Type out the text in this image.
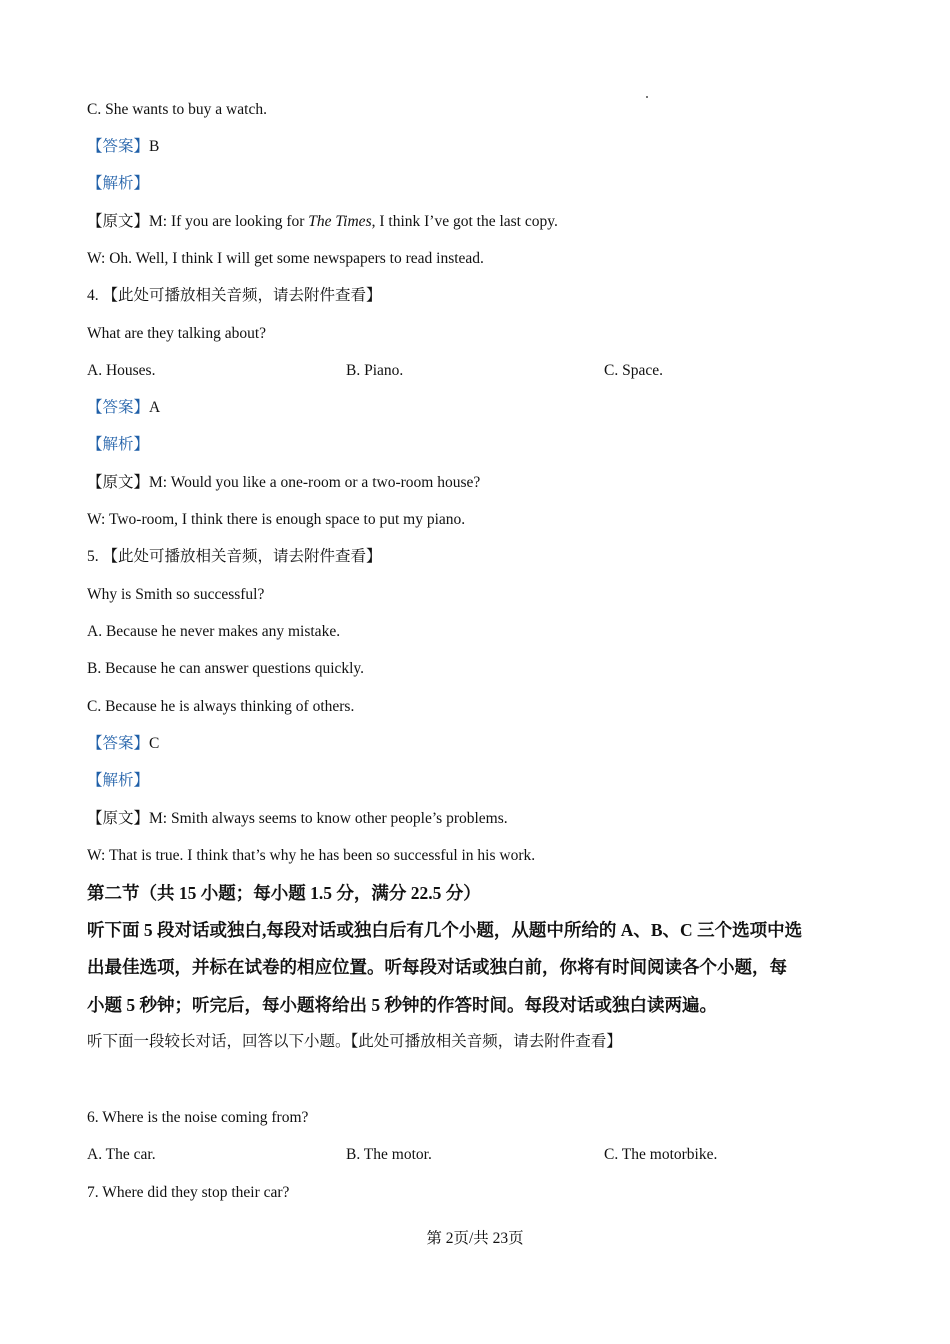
C. She wants to buy a watch.
【答案】B
【解析】
【原文】M: If you are looking for The Times, I think I’ve got the last copy.
W: Oh. Well, I think I will get some newspapers to read instead.
4. 【此处可播放相关音频，请去附件查看】
What are they talking about?
A. Houses.	B. Piano.	C. Space.
【答案】A
【解析】
【原文】M: Would you like a one-room or a two-room house?
W: Two-room, I think there is enough space to put my piano.
5. 【此处可播放相关音频，请去附件查看】
Why is Smith so successful?
A. Because he never makes any mistake.
B. Because he can answer questions quickly.
C. Because he is always thinking of others.
【答案】C
【解析】
【原文】M: Smith always seems to know other people’s problems.
W: That is true. I think that’s why he has been so successful in his work.
第二节（共 15 小题；每小题 1.5 分，满分 22.5 分）
听下面 5 段对话或独白,每段对话或独白后有几个小题，从题中所给的 A、B、C 三个选项中选
出最佳选项，并标在试卷的相应位置。听每段对话或独白前，你将有时间阅读各个小题，每
小题 5 秒钟；听完后，每小题将给出 5 秒钟的作答时间。每段对话或独白读两遍。
听下面一段较长对话，回答以下小题。【此处可播放相关音频，请去附件查看】
6. Where is the noise coming from?
A. The car.	B. The motor.	C. The motorbike.
7. Where did they stop their car?
第 2页/共 23页
